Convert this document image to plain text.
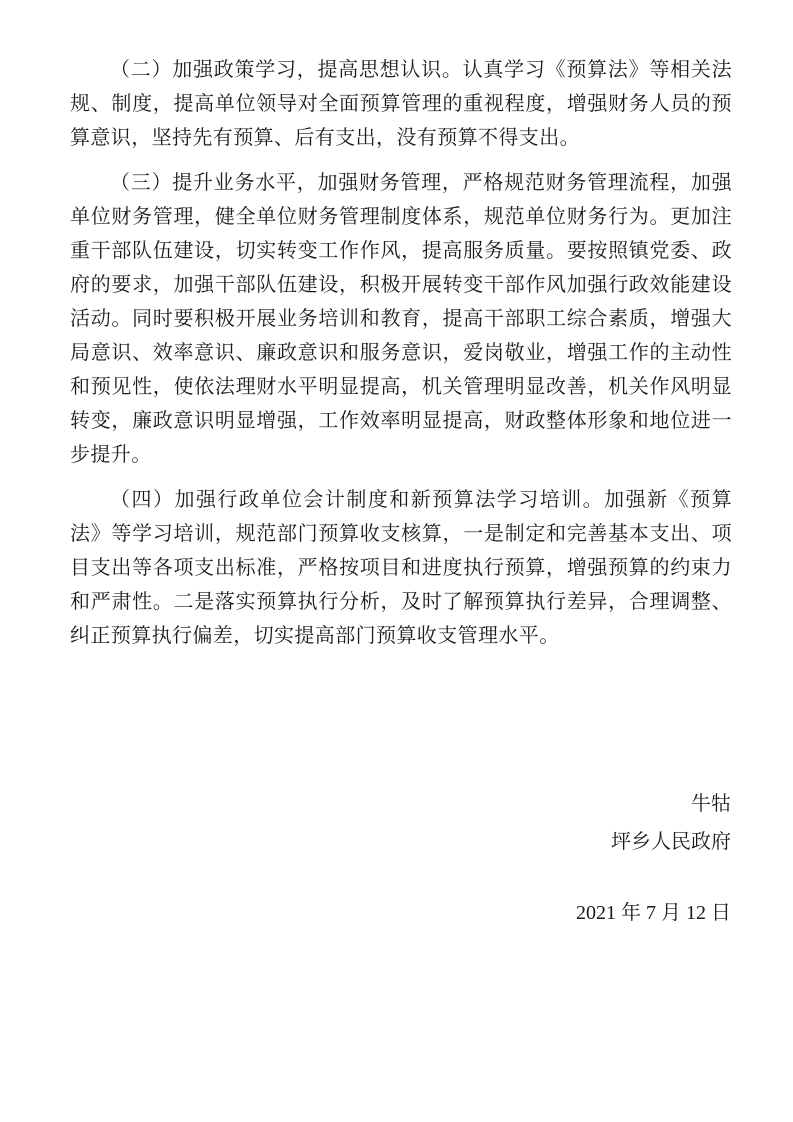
（二）加强政策学习，提高思想认识。认真学习《预算法》等相关法规、制度，提高单位领导对全面预算管理的重视程度，增强财务人员的预算意识，坚持先有预算、后有支出，没有预算不得支出。

（三）提升业务水平，加强财务管理，严格规范财务管理流程，加强单位财务管理，健全单位财务管理制度体系，规范单位财务行为。更加注重干部队伍建设，切实转变工作作风，提高服务质量。要按照镇党委、政府的要求，加强干部队伍建设，积极开展转变干部作风加强行政效能建设活动。同时要积极开展业务培训和教育，提高干部职工综合素质，增强大局意识、效率意识、廉政意识和服务意识，爱岗敬业，增强工作的主动性和预见性，使依法理财水平明显提高，机关管理明显改善，机关作风明显转变，廉政意识明显增强，工作效率明显提高，财政整体形象和地位进一步提升。

（四）加强行政单位会计制度和新预算法学习培训。加强新《预算法》等学习培训，规范部门预算收支核算，一是制定和完善基本支出、项目支出等各项支出标准，严格按项目和进度执行预算，增强预算的约束力和严肃性。二是落实预算执行分析，及时了解预算执行差异，合理调整、纠正预算执行偏差，切实提高部门预算收支管理水平。

牛牯
坪乡人民政府
2021 年 7 月 12 日
